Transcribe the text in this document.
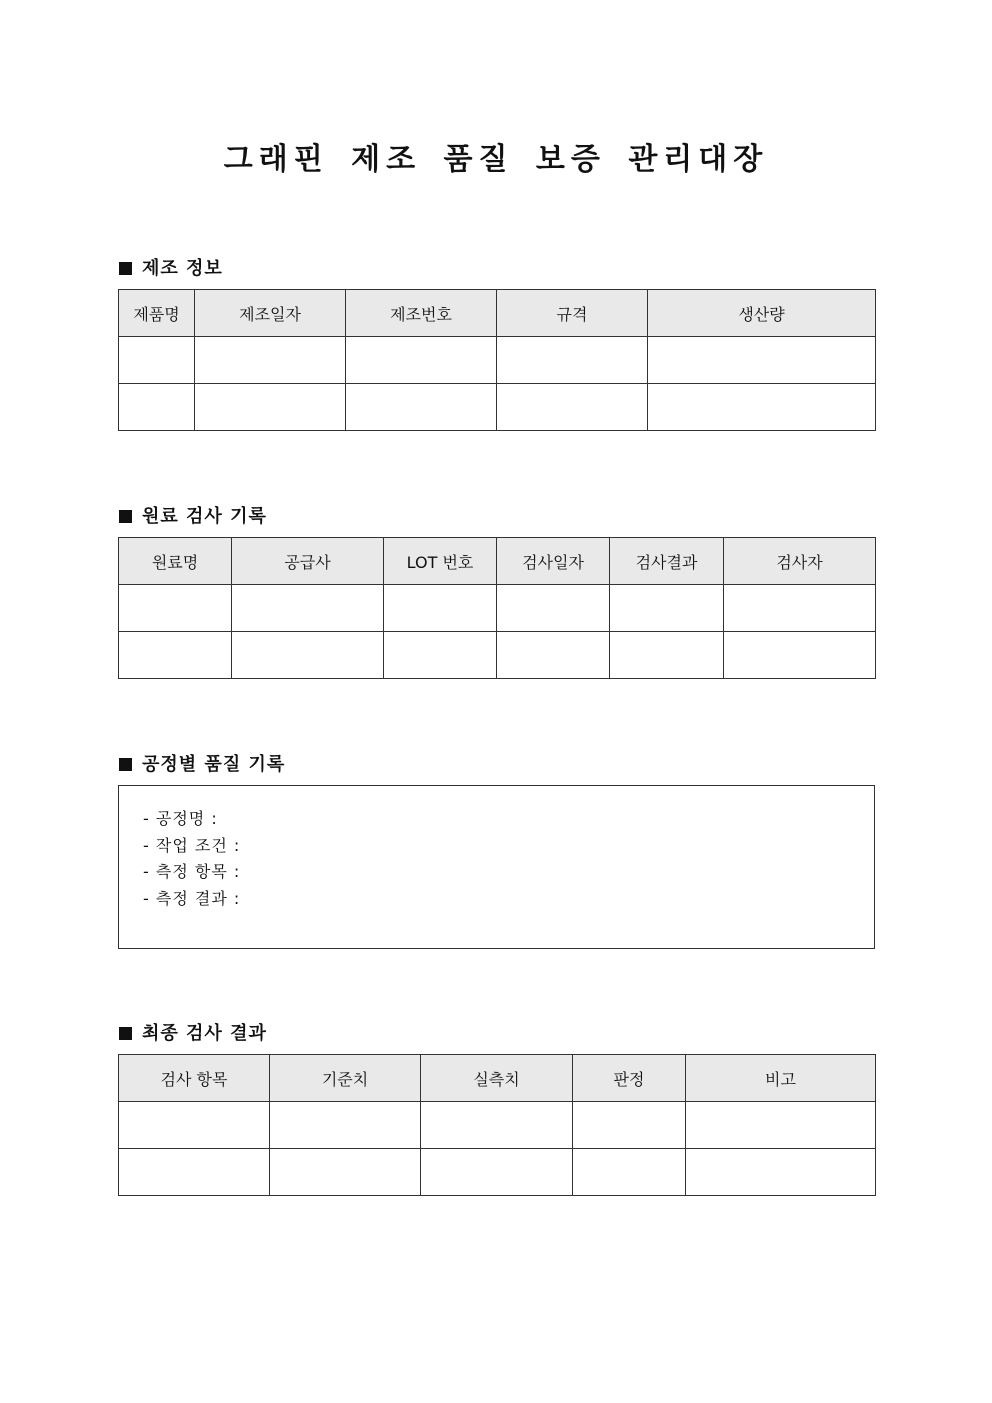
그래핀 제조 품질 보증 관리대장
제조 정보
제품명	제조일자	제조번호	규격	생산량

원료 검사 기록
원료명	공급사	LOT 번호	검사일자	검사결과	검사자

공정별 품질 기록
- 공정명 :
- 작업 조건 :
- 측정 항목 :
- 측정 결과 :
최종 검사 결과
검사 항목	기준치	실측치	판정	비고
